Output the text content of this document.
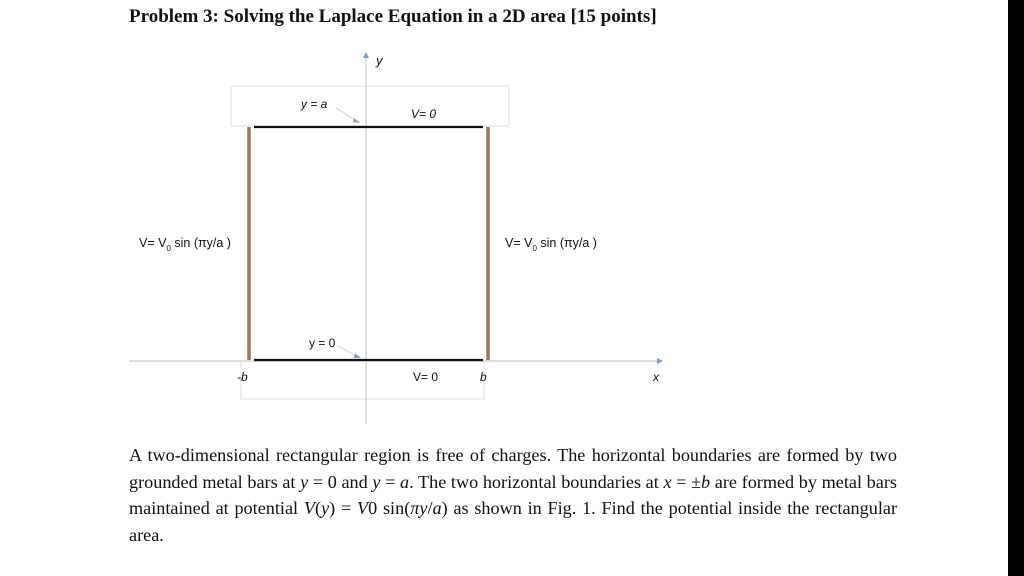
Problem 3: Solving the Laplace Equation in a 2D area [15 points]
y
x
y = a
V= 0
y = 0
V= 0
-b	b
$V= V_0$ sin (πy/a )	$V= V_0$ sin (πy/a )

A two-dimensional rectangular region is free of charges. The horizontal boundaries are formed by two grounded metal bars at y = 0 and y = a. The two horizontal boundaries at x = ±b are formed by metal bars maintained at potential V(y) = V0 sin(πy/a) as shown in Fig. 1. Find the potential inside the rectangular area.
